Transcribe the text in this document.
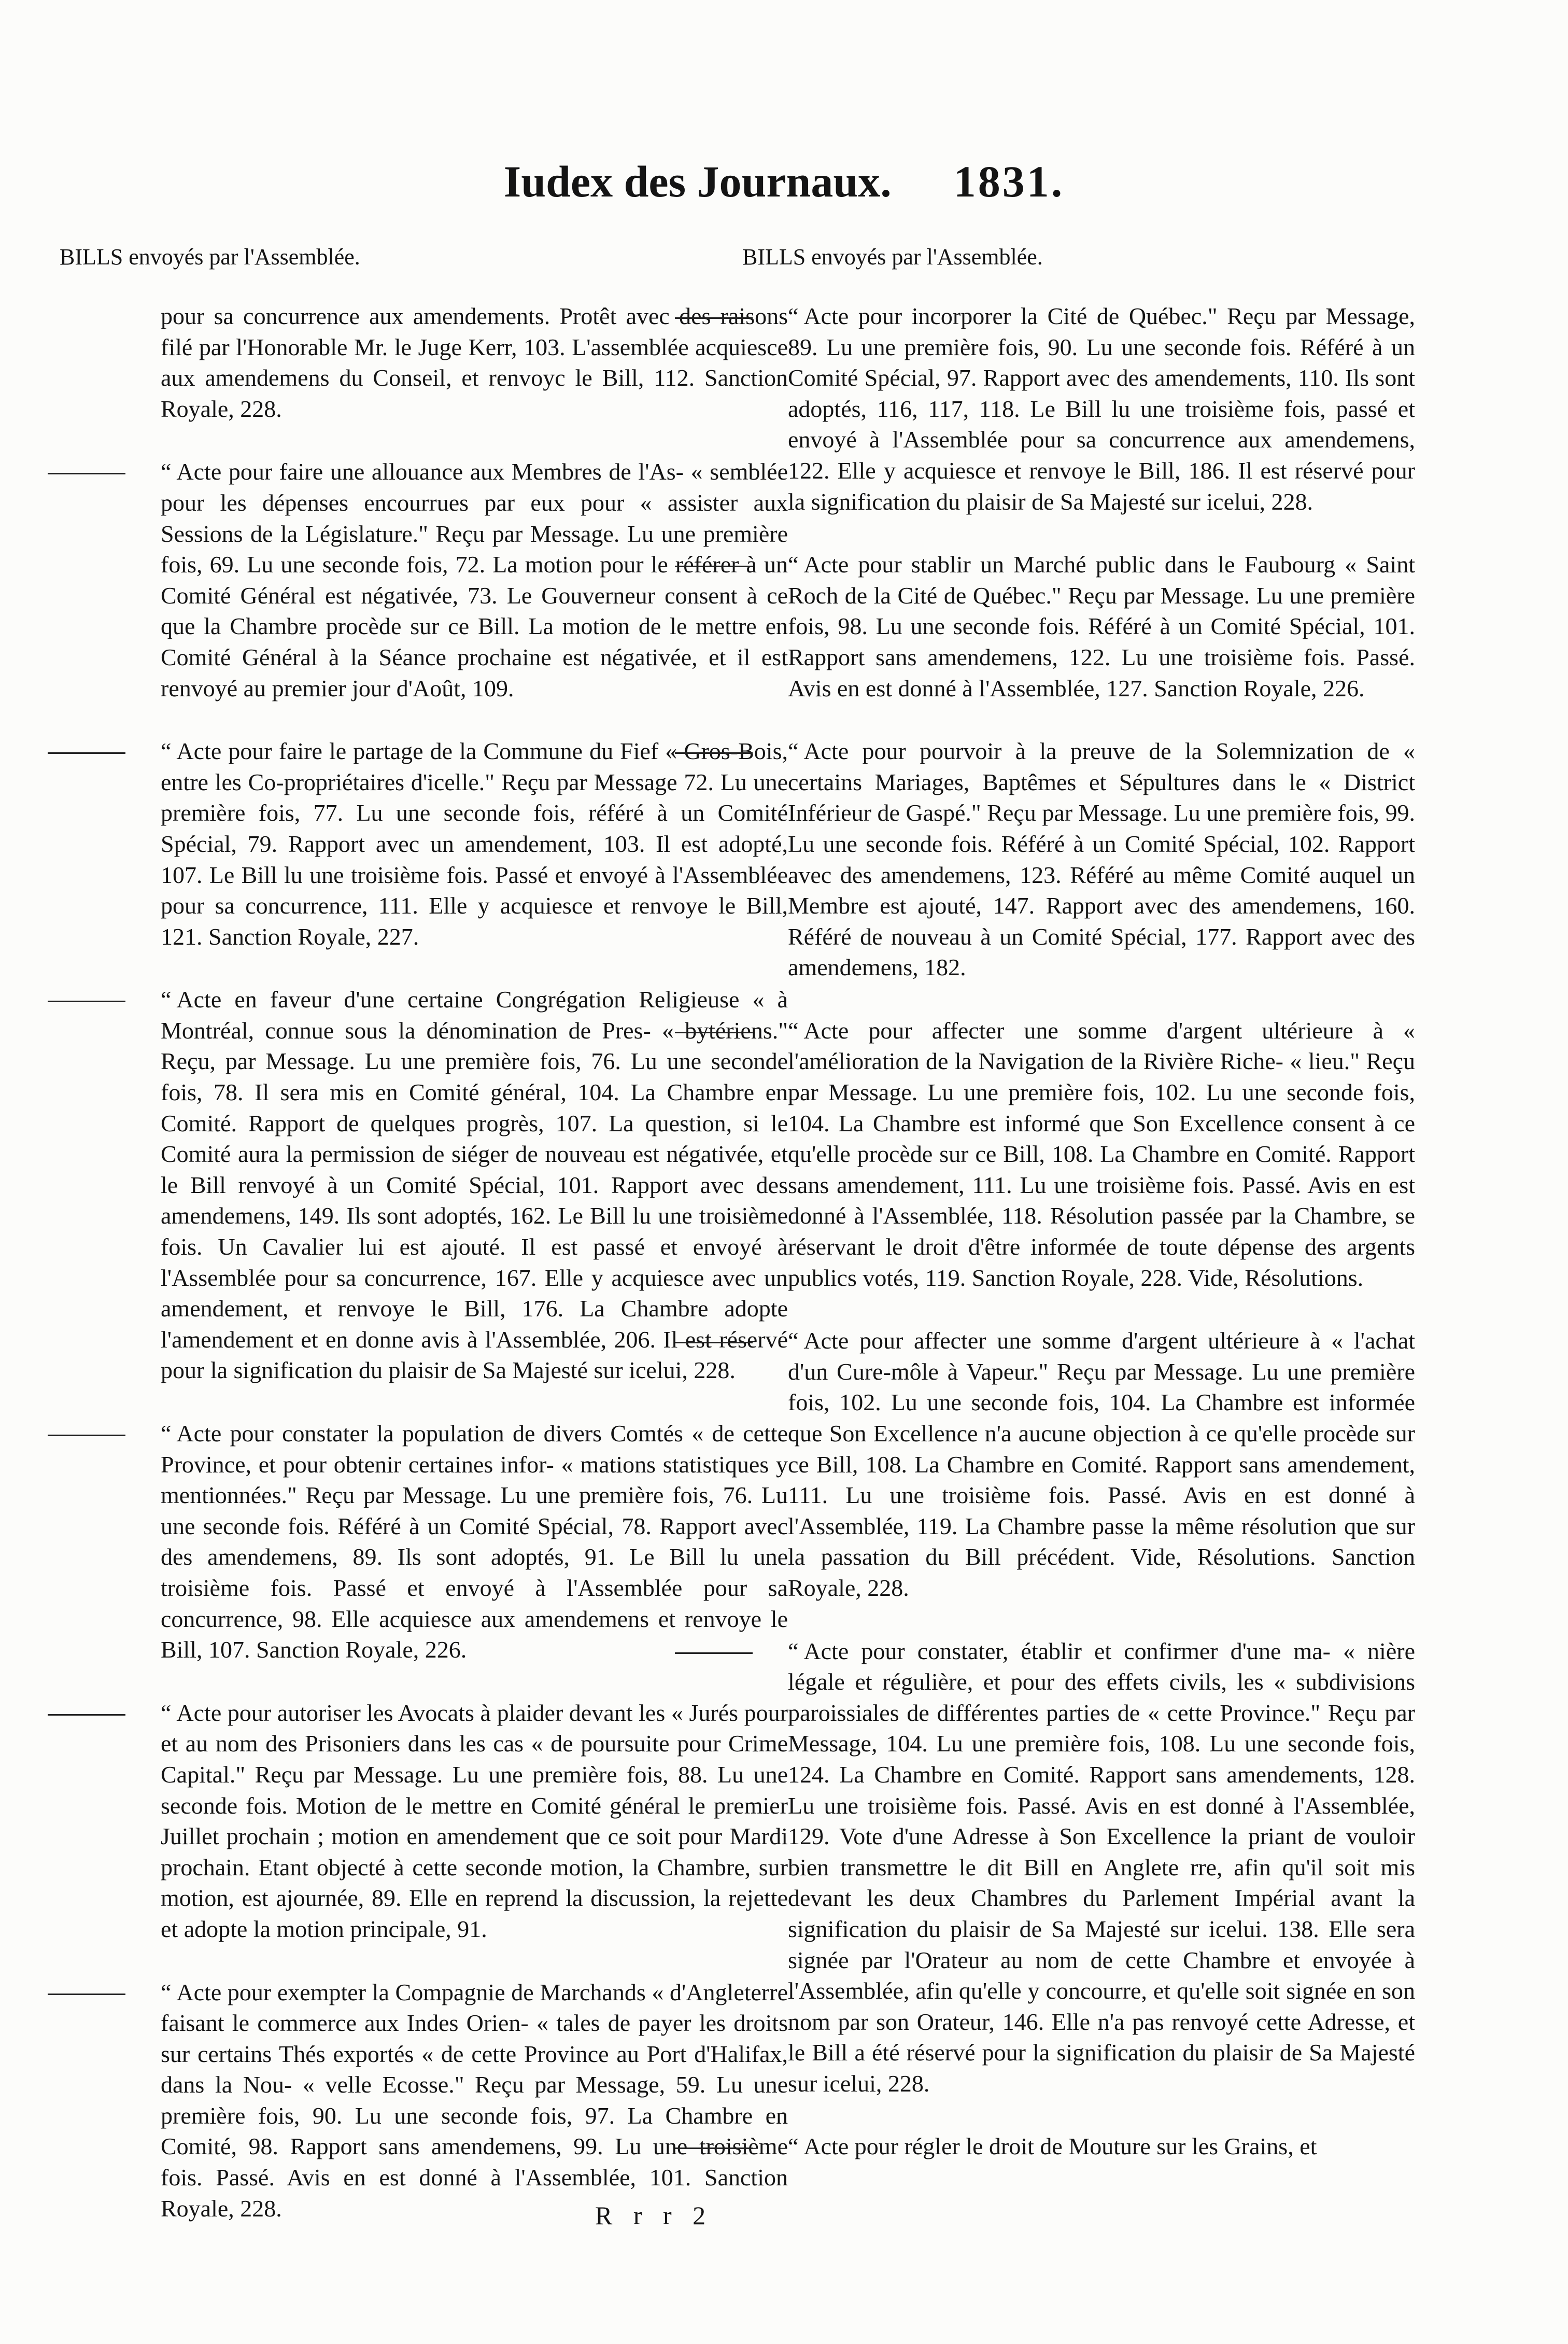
Iudex des Journaux. 1831.
BILLS envoyés par l'Assemblée.	BILLS envoyés par l'Assemblée.
pour sa concurrence aux amendements. Protêt avec des raisons filé par l'Honorable Mr. le Juge Kerr, 103. L'assemblée acquiesce aux amendemens du Conseil, et renvoyc le Bill, 112. Sanction Royale, 228.
“ Acte pour faire une allouance aux Membres de l'As- « semblée pour les dépenses encourrues par eux pour « assister aux Sessions de la Législature." Reçu par Message. Lu une première fois, 69. Lu une seconde fois, 72. La motion pour le référer à un Comité Général est négativée, 73. Le Gouverneur consent à ce que la Chambre procède sur ce Bill. La motion de le mettre en Comité Général à la Séance prochaine est négativée, et il est renvoyé au premier jour d'Août, 109.
“ Acte pour faire le partage de la Commune du Fief « Gros-Bois, entre les Co-propriétaires d'icelle." Reçu par Message 72. Lu une première fois, 77. Lu une seconde fois, référé à un Comité Spécial, 79. Rapport avec un amendement, 103. Il est adopté, 107. Le Bill lu une troisième fois. Passé et envoyé à l'Assemblée pour sa concurrence, 111. Elle y acquiesce et renvoye le Bill, 121. Sanction Royale, 227.
“ Acte en faveur d'une certaine Congrégation Religieuse « à Montréal, connue sous la dénomination de Pres- « bytériens." Reçu, par Message. Lu une première fois, 76. Lu une seconde fois, 78. Il sera mis en Comité général, 104. La Chambre en Comité. Rapport de quelques progrès, 107. La question, si le Comité aura la permission de siéger de nouveau est négativée, et le Bill renvoyé à un Comité Spécial, 101. Rapport avec des amendemens, 149. Ils sont adoptés, 162. Le Bill lu une troisième fois. Un Cavalier lui est ajouté. Il est passé et envoyé à l'Assemblée pour sa concurrence, 167. Elle y acquiesce avec un amendement, et renvoye le Bill, 176. La Chambre adopte l'amendement et en donne avis à l'Assemblée, 206. Il est réservé pour la signification du plaisir de Sa Majesté sur icelui, 228.
“ Acte pour constater la population de divers Comtés « de cette Province, et pour obtenir certaines infor- « mations statistiques y mentionnées." Reçu par Message. Lu une première fois, 76. Lu une seconde fois. Référé à un Comité Spécial, 78. Rapport avec des amendemens, 89. Ils sont adoptés, 91. Le Bill lu une troisième fois. Passé et envoyé à l'Assemblée pour sa concurrence, 98. Elle acquiesce aux amendemens et renvoye le Bill, 107. Sanction Royale, 226.
“ Acte pour autoriser les Avocats à plaider devant les « Jurés pour et au nom des Prisoniers dans les cas « de poursuite pour Crime Capital." Reçu par Message. Lu une première fois, 88. Lu une seconde fois. Motion de le mettre en Comité général le premier Juillet prochain ; motion en amendement que ce soit pour Mardi prochain. Etant objecté à cette seconde motion, la Chambre, sur motion, est ajournée, 89. Elle en reprend la discussion, la rejette et adopte la motion principale, 91.
“ Acte pour exempter la Compagnie de Marchands « d'Angleterre faisant le commerce aux Indes Orien- « tales de payer les droits sur certains Thés exportés « de cette Province au Port d'Halifax, dans la Nou- « velle Ecosse." Reçu par Message, 59. Lu une première fois, 90. Lu une seconde fois, 97. La Chambre en Comité, 98. Rapport sans amendemens, 99. Lu une troisième fois. Passé. Avis en est donné à l'Assemblée, 101. Sanction Royale, 228.
“ Acte pour incorporer la Cité de Québec." Reçu par Message, 89. Lu une première fois, 90. Lu une seconde fois. Référé à un Comité Spécial, 97. Rapport avec des amendements, 110. Ils sont adoptés, 116, 117, 118. Le Bill lu une troisième fois, passé et envoyé à l'Assemblée pour sa concurrence aux amendemens, 122. Elle y acquiesce et renvoye le Bill, 186. Il est réservé pour la signification du plaisir de Sa Majesté sur icelui, 228.
“ Acte pour stablir un Marché public dans le Faubourg « Saint Roch de la Cité de Québec." Reçu par Message. Lu une première fois, 98. Lu une seconde fois. Référé à un Comité Spécial, 101. Rapport sans amendemens, 122. Lu une troisième fois. Passé. Avis en est donné à l'Assemblée, 127. Sanction Royale, 226.
“ Acte pour pourvoir à la preuve de la Solemnization de « certains Mariages, Baptêmes et Sépultures dans le « District Inférieur de Gaspé." Reçu par Message. Lu une première fois, 99. Lu une seconde fois. Référé à un Comité Spécial, 102. Rapport avec des amendemens, 123. Référé au même Comité auquel un Membre est ajouté, 147. Rapport avec des amendemens, 160. Référé de nouveau à un Comité Spécial, 177. Rapport avec des amendemens, 182.
“ Acte pour affecter une somme d'argent ultérieure à « l'amélioration de la Navigation de la Rivière Riche- « lieu." Reçu par Message. Lu une première fois, 102. Lu une seconde fois, 104. La Chambre est informé que Son Excellence consent à ce qu'elle procède sur ce Bill, 108. La Chambre en Comité. Rapport sans amendement, 111. Lu une troisième fois. Passé. Avis en est donné à l'Assemblée, 118. Résolution passée par la Chambre, se réservant le droit d'être informée de toute dépense des argents publics votés, 119. Sanction Royale, 228. Vide, Résolutions.
“ Acte pour affecter une somme d'argent ultérieure à « l'achat d'un Cure-môle à Vapeur." Reçu par Message. Lu une première fois, 102. Lu une seconde fois, 104. La Chambre est informée que Son Excellence n'a aucune objection à ce qu'elle procède sur ce Bill, 108. La Chambre en Comité. Rapport sans amendement, 111. Lu une troisième fois. Passé. Avis en est donné à l'Assemblée, 119. La Chambre passe la même résolution que sur la passation du Bill précédent. Vide, Résolutions. Sanction Royale, 228.
“ Acte pour constater, établir et confirmer d'une ma- « nière légale et régulière, et pour des effets civils, les « subdivisions paroissiales de différentes parties de « cette Province." Reçu par Message, 104. Lu une première fois, 108. Lu une seconde fois, 124. La Chambre en Comité. Rapport sans amendements, 128. Lu une troisième fois. Passé. Avis en est donné à l'Assemblée, 129. Vote d'une Adresse à Son Excellence la priant de vouloir bien transmettre le dit Bill en Anglete rre, afin qu'il soit mis devant les deux Chambres du Parlement Impérial avant la signification du plaisir de Sa Majesté sur icelui. 138. Elle sera signée par l'Orateur au nom de cette Chambre et envoyée à l'Assemblée, afin qu'elle y concourre, et qu'elle soit signée en son nom par son Orateur, 146. Elle n'a pas renvoyé cette Adresse, et le Bill a été réservé pour la signification du plaisir de Sa Majesté sur icelui, 228.
“ Acte pour régler le droit de Mouture sur les Grains, et
R r r 2
